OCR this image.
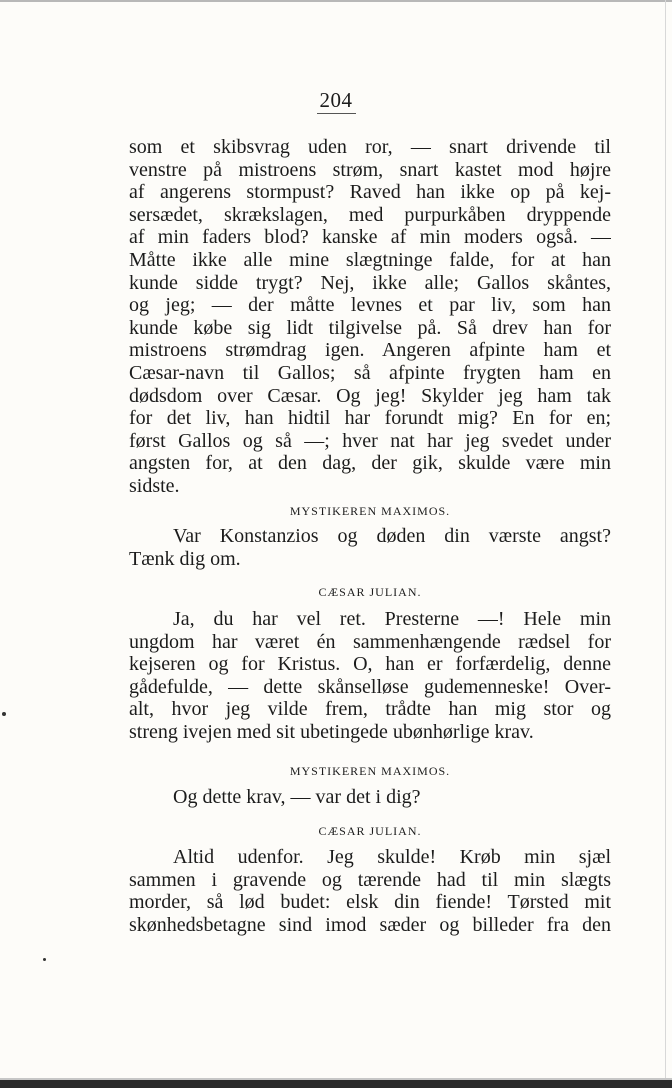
204
som et skibsvrag uden ror, — snart drivende til
venstre på mistroens strøm, snart kastet mod højre
af angerens stormpust? Raved han ikke op på kej-
sersædet, skrækslagen, med purpurkåben dryppende
af min faders blod? kanske af min moders også. —
Måtte ikke alle mine slægtninge falde, for at han
kunde sidde trygt? Nej, ikke alle; Gallos skåntes,
og jeg; — der måtte levnes et par liv, som han
kunde købe sig lidt tilgivelse på. Så drev han for
mistroens strømdrag igen. Angeren afpinte ham et
Cæsar-navn til Gallos; så afpinte frygten ham en
dødsdom over Cæsar. Og jeg! Skylder jeg ham tak
for det liv, han hidtil har forundt mig? En for en;
først Gallos og så —; hver nat har jeg svedet under
angsten for, at den dag, der gik, skulde være min
sidste.
MYSTIKEREN MAXIMOS.
Var Konstanzios og døden din værste angst?
Tænk dig om.
CÆSAR JULIAN.
Ja, du har vel ret. Presterne —! Hele min
ungdom har været én sammenhængende rædsel for
kejseren og for Kristus. O, han er forfærdelig, denne
gådefulde, — dette skånselløse gudemenneske! Over-
alt, hvor jeg vilde frem, trådte han mig stor og
streng ivejen med sit ubetingede ubønhørlige krav.
MYSTIKEREN MAXIMOS.
Og dette krav, — var det i dig?
CÆSAR JULIAN.
Altid udenfor. Jeg skulde! Krøb min sjæl
sammen i gravende og tærende had til min slægts
morder, så lød budet: elsk din fiende! Tørsted mit
skønhedsbetagne sind imod sæder og billeder fra den
